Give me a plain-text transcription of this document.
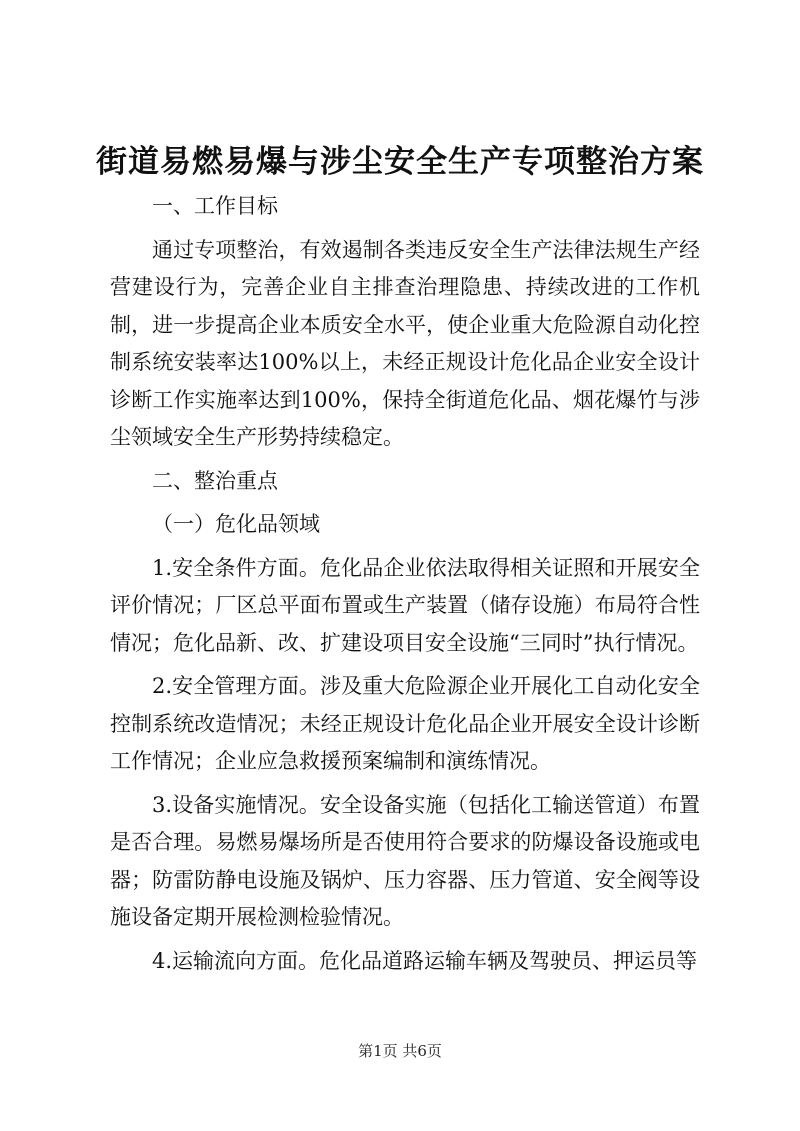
街道易燃易爆与涉尘安全生产专项整治方案

一、工作目标

通过专项整治，有效遏制各类违反安全生产法律法规生产经营建设行为，完善企业自主排查治理隐患、持续改进的工作机制，进一步提高企业本质安全水平，使企业重大危险源自动化控制系统安装率达100%以上，未经正规设计危化品企业安全设计诊断工作实施率达到100%，保持全街道危化品、烟花爆竹与涉尘领域安全生产形势持续稳定。

二、整治重点

（一）危化品领域

1.安全条件方面。危化品企业依法取得相关证照和开展安全评价情况；厂区总平面布置或生产装置（储存设施）布局符合性情况；危化品新、改、扩建设项目安全设施“三同时”执行情况。

2.安全管理方面。涉及重大危险源企业开展化工自动化安全控制系统改造情况；未经正规设计危化品企业开展安全设计诊断工作情况；企业应急救援预案编制和演练情况。

3.设备实施情况。安全设备实施（包括化工输送管道）布置是否合理。易燃易爆场所是否使用符合要求的防爆设备设施或电器；防雷防静电设施及锅炉、压力容器、压力管道、安全阀等设施设备定期开展检测检验情况。

4.运输流向方面。危化品道路运输车辆及驾驶员、押运员等

第1页 共6页
